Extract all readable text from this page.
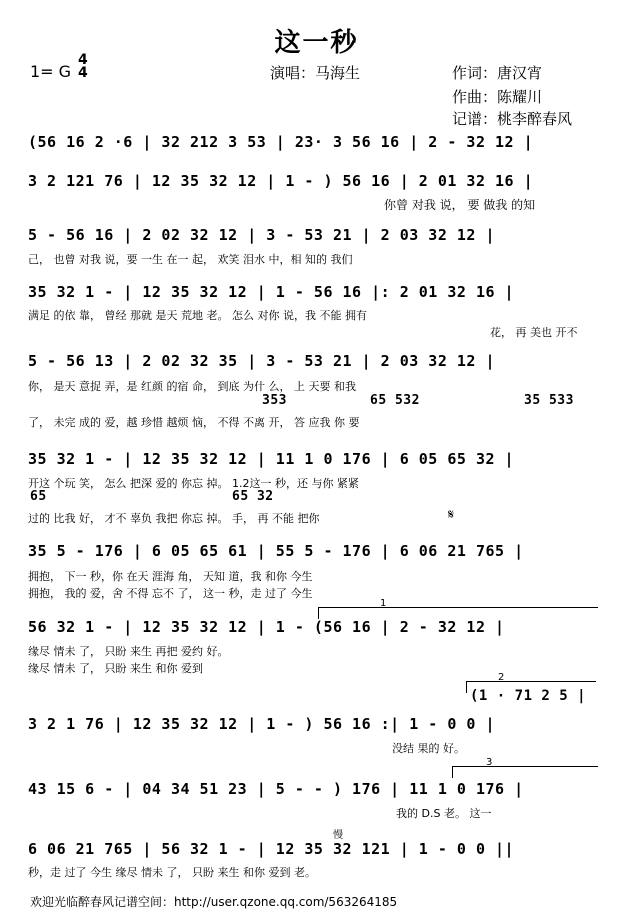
这一秒
1= G
4
4	演唱：马海生	作词：唐汉宵
作曲：陈耀川
记谱：桃李醉春风
(56 16 2 ·6 | 32 212 3 53 | 23· 3 56 16 | 2 - 32 12 |
3 2 121 76 | 12 35 32 12 | 1 - ) 56 16 | 2 01 32 16 |
你曾 对我 说， 要 做我 的知
5 - 56 16 | 2 02 32 12 | 3 - 53 21 | 2 03 32 12 |
己， 也曾 对我 说，要 一生 在一 起， 欢笑 泪水 中，相 知的 我们
35 32 1 - | 12 35 32 12 | 1 - 56 16 |: 2 01 32 16 |
满足 的依 靠， 曾经 那就 是天 荒地 老。 怎么 对你 说，我 不能 拥有
花， 再 美也 开不
5 - 56 13 | 2 02 32 35 | 3 - 53 21 | 2 03 32 12 |
你， 是天 意捉 弄，是 红颜 的宿 命， 到底 为什 么， 上 天要 和我
353	65 532	35 533
了， 未完 成的 爱，越 珍惜 越烦 恼， 不得 不离 开， 答 应我 你 要
35 32 1 - | 12 35 32 12 | 11 1 0 176 | 6 05 65 32 |
开这 个玩 笑， 怎么 把深 爱的 你忘 掉。 1.2这一 秒，还 与你 紧紧
65	65 32
过的 比我 好， 才不 辜负 我把 你忘 掉。 手， 再 不能 把你	𝄋
35 5 - 176 | 6 05 65 61 | 55 5 - 176 | 6 06 21 765 |
拥抱， 下一 秒，你 在天 涯海 角， 天知 道，我 和你 今生
拥抱， 我的 爱，舍 不得 忘不 了， 这一 秒，走 过了 今生
1
56 32 1 - | 12 35 32 12 | 1 - (56 16 | 2 - 32 12 |
缘尽 情未 了， 只盼 来生 再把 爱约 好。
缘尽 情未 了， 只盼 来生 和你 爱到
2
(1 · 71 2 5 |
3 2 1 76 | 12 35 32 12 | 1 - ) 56 16 :| 1 - 0 0 |
没结 果的 好。
3
43 15 6 - | 04 34 51 23 | 5 - - ) 176 | 11 1 0 176 |
我的 D.S 老。 这一
慢
6 06 21 765 | 56 32 1 - | 12 35 32 121 | 1 - 0 0 ||
秒，走 过了 今生 缘尽 情未 了， 只盼 来生 和你 爱到 老。
欢迎光临醉春风记谱空间：http://user.qzone.qq.com/563264185
